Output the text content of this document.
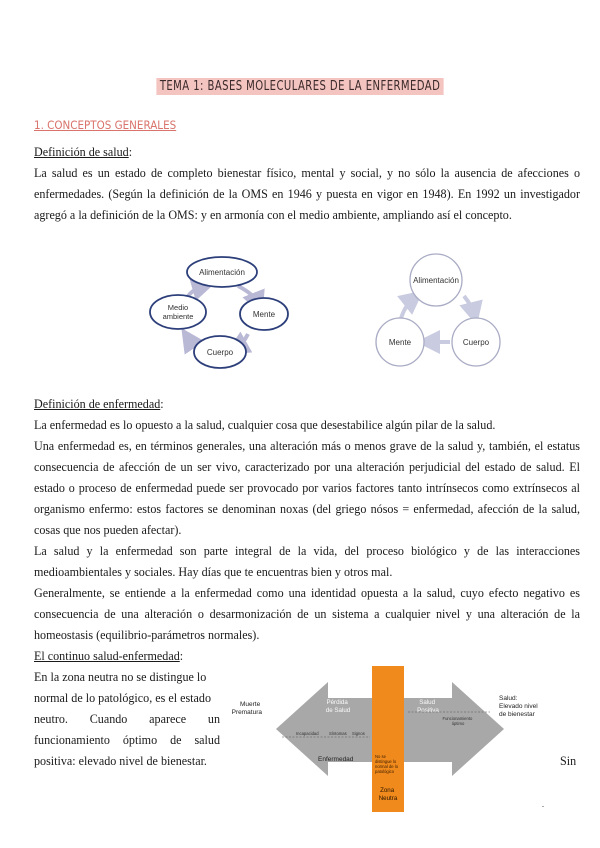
TEMA 1: BASES MOLECULARES DE LA ENFERMEDAD
1. CONCEPTOS GENERALES
Definición de salud:
La salud es un estado de completo bienestar físico, mental y social, y no sólo la ausencia de afecciones o
enfermedades. (Según la definición de la OMS en 1946 y puesta en vigor en 1948). En 1992 un investigador
agregó a la definición de la OMS: y en armonía con el medio ambiente, ampliando así el concepto.
Alimentación
Medio ambiente	Mente
Cuerpo
Alimentación
Mente	Cuerpo
Definición de enfermedad:
La enfermedad es lo opuesto a la salud, cualquier cosa que desestabilice algún pilar de la salud.
Una enfermedad es, en términos generales, una alteración más o menos grave de la salud y, también, el estatus
consecuencia de afección de un ser vivo, caracterizado por una alteración perjudicial del estado de salud. El
estado o proceso de enfermedad puede ser provocado por varios factores tanto intrínsecos como extrínsecos al
organismo enfermo: estos factores se denominan noxas (del griego nósos = enfermedad, afección de la salud,
cosas que nos pueden afectar).
La salud y la enfermedad son parte integral de la vida, del proceso biológico y de las interacciones
medioambientales y sociales. Hay días que te encuentras bien y otros mal.
Generalmente, se entiende a la enfermedad como una identidad opuesta a la salud, cuyo efecto negativo es
consecuencia de una alteración o desarmonización de un sistema a cualquier nivel y una alteración de la
homeostasis (equilibrio-parámetros normales).
El continuo salud-enfermedad:
En la zona neutra no se distingue lo
normal de lo patológico, es el estado
neutro. Cuando aparece un
funcionamiento óptimo de salud
positiva: elevado nivel de bienestar.	Sin
Muerte Prematura
Salud: Elevado nivel de bienestar
Pérdida de Salud
Salud Positiva
Incapacidad Síntomas Signos
Funcionamiento óptimo
Enfermedad	No se distingue lo normal de lo patológico
Zona Neutra
.
